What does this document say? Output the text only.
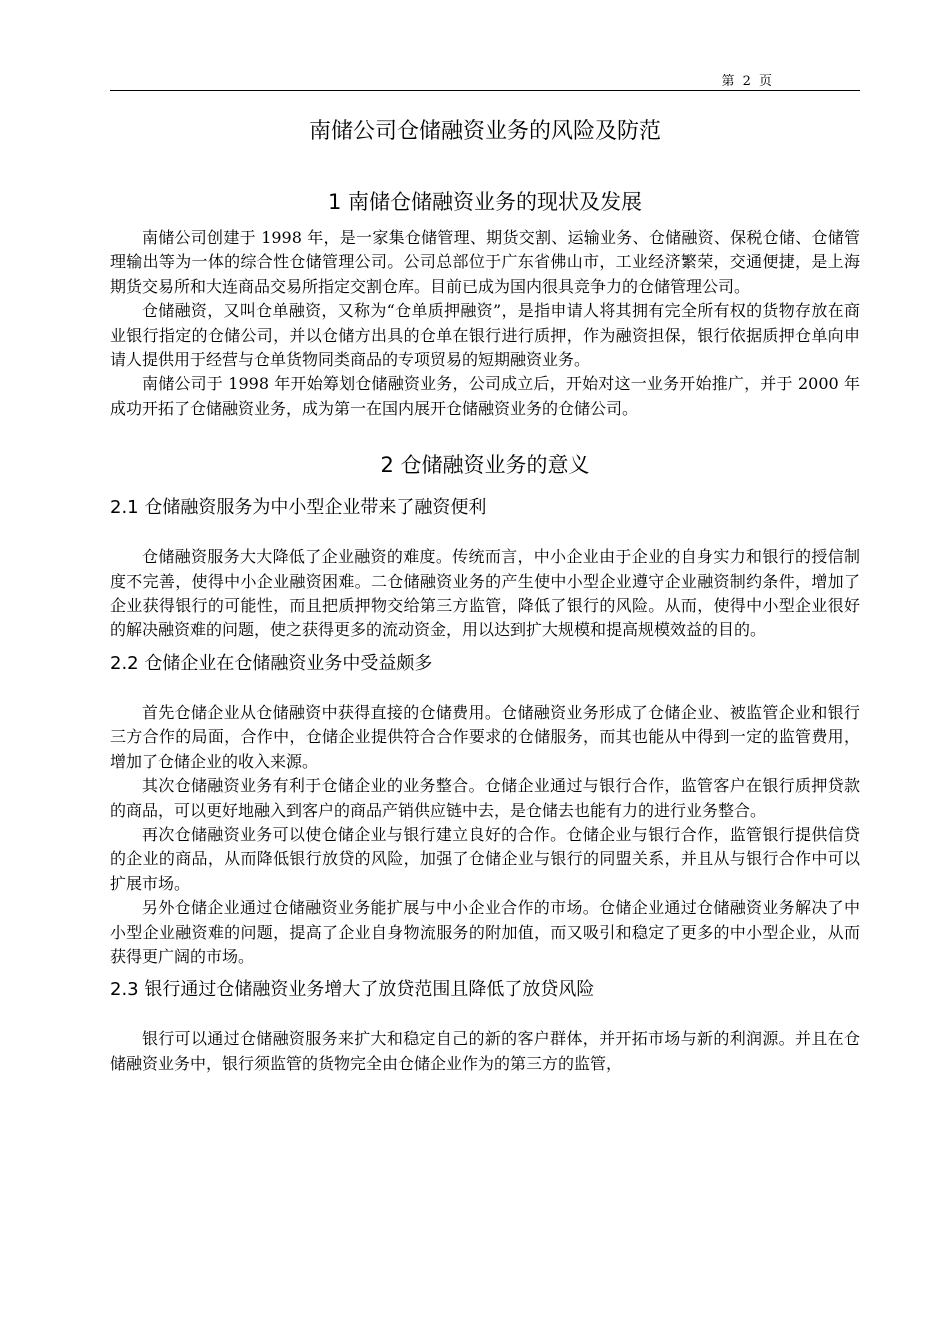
第 2 页
南储公司仓储融资业务的风险及防范
1 南储仓储融资业务的现状及发展

南储公司创建于 1998 年，是一家集仓储管理、期货交割、运输业务、仓储融资、保税仓储、仓储管理输出等为一体的综合性仓储管理公司。公司总部位于广东省佛山市，工业经济繁荣，交通便捷，是上海期货交易所和大连商品交易所指定交割仓库。目前已成为国内很具竞争力的仓储管理公司。

仓储融资，又叫仓单融资，又称为“仓单质押融资”，是指申请人将其拥有完全所有权的货物存放在商业银行指定的仓储公司，并以仓储方出具的仓单在银行进行质押，作为融资担保，银行依据质押仓单向申请人提供用于经营与仓单货物同类商品的专项贸易的短期融资业务。

南储公司于 1998 年开始筹划仓储融资业务，公司成立后，开始对这一业务开始推广，并于 2000 年成功开拓了仓储融资业务，成为第一在国内展开仓储融资业务的仓储公司。

2 仓储融资业务的意义
2.1 仓储融资服务为中小型企业带来了融资便利

仓储融资服务大大降低了企业融资的难度。传统而言，中小企业由于企业的自身实力和银行的授信制度不完善，使得中小企业融资困难。二仓储融资业务的产生使中小型企业遵守企业融资制约条件，增加了企业获得银行的可能性，而且把质押物交给第三方监管，降低了银行的风险。从而，使得中小型企业很好的解决融资难的问题，使之获得更多的流动资金，用以达到扩大规模和提高规模效益的目的。

2.2 仓储企业在仓储融资业务中受益颇多

首先仓储企业从仓储融资中获得直接的仓储费用。仓储融资业务形成了仓储企业、被监管企业和银行三方合作的局面，合作中，仓储企业提供符合合作要求的仓储服务，而其也能从中得到一定的监管费用，增加了仓储企业的收入来源。

其次仓储融资业务有利于仓储企业的业务整合。仓储企业通过与银行合作，监管客户在银行质押贷款的商品，可以更好地融入到客户的商品产销供应链中去，是仓储去也能有力的进行业务整合。

再次仓储融资业务可以使仓储企业与银行建立良好的合作。仓储企业与银行合作，监管银行提供信贷的企业的商品，从而降低银行放贷的风险，加强了仓储企业与银行的同盟关系，并且从与银行合作中可以扩展市场。

另外仓储企业通过仓储融资业务能扩展与中小企业合作的市场。仓储企业通过仓储融资业务解决了中小型企业融资难的问题，提高了企业自身物流服务的附加值，而又吸引和稳定了更多的中小型企业，从而获得更广阔的市场。

2.3 银行通过仓储融资业务增大了放贷范围且降低了放贷风险

银行可以通过仓储融资服务来扩大和稳定自己的新的客户群体，并开拓市场与新的利润源。并且在仓储融资业务中，银行须监管的货物完全由仓储企业作为的第三方的监管，
